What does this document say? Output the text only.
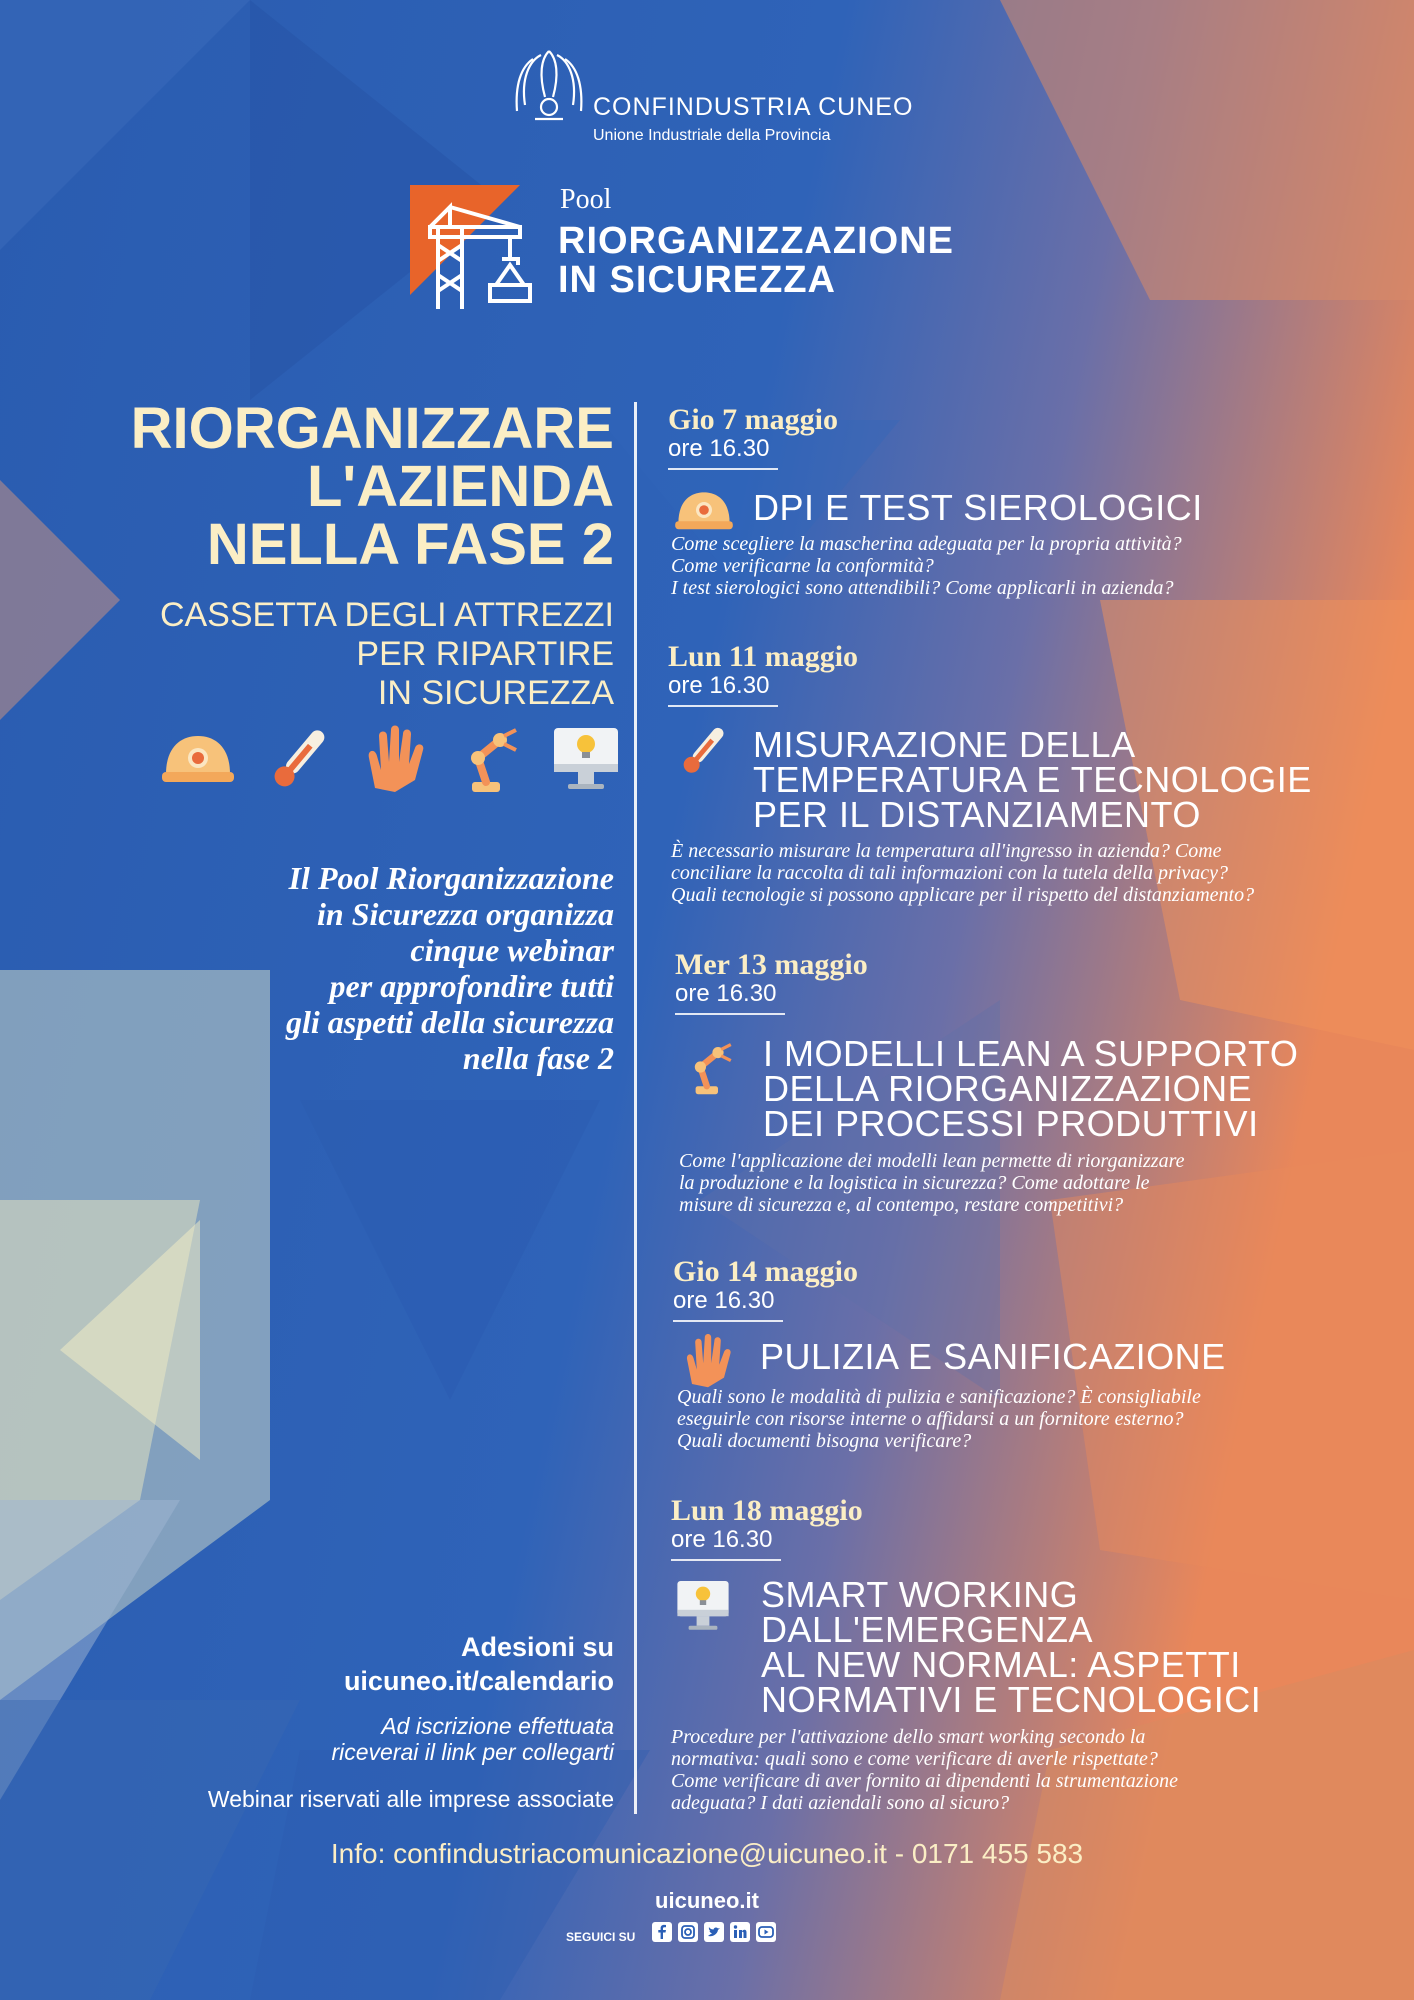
CONFINDUSTRIA CUNEO
Unione Industriale della Provincia
Pool
RIORGANIZZAZIONE
IN SICUREZZA
RIORGANIZZARE
L'AZIENDA
NELLA FASE 2
CASSETTA DEGLI ATTREZZI
PER RIPARTIRE
IN SICUREZZA
Il Pool Riorganizzazione
in Sicurezza organizza
cinque webinar
per approfondire tutti
gli aspetti della sicurezza
nella fase 2
Adesioni su
uicuneo.it/calendario
Ad iscrizione effettuata
riceverai il link per collegarti
Webinar riservati alle imprese associate
Gio 7 maggio
ore 16.30
DPI E TEST SIEROLOGICI
Come scegliere la mascherina adeguata per la propria attività?
Come verificarne la conformità?
I test sierologici sono attendibili? Come applicarli in azienda?
Lun 11 maggio
ore 16.30
MISURAZIONE DELLA
TEMPERATURA E TECNOLOGIE
PER IL DISTANZIAMENTO
È necessario misurare la temperatura all'ingresso in azienda? Come
conciliare la raccolta di tali informazioni con la tutela della privacy?
Quali tecnologie si possono applicare per il rispetto del distanziamento?
Mer 13 maggio
ore 16.30
I MODELLI LEAN A SUPPORTO
DELLA RIORGANIZZAZIONE
DEI PROCESSI PRODUTTIVI
Come l'applicazione dei modelli lean permette di riorganizzare
la produzione e la logistica in sicurezza? Come adottare le
misure di sicurezza e, al contempo, restare competitivi?
Gio 14 maggio
ore 16.30
PULIZIA E SANIFICAZIONE
Quali sono le modalità di pulizia e sanificazione? È consigliabile
eseguirle con risorse interne o affidarsi a un fornitore esterno?
Quali documenti bisogna verificare?
Lun 18 maggio
ore 16.30
SMART WORKING
DALL'EMERGENZA
AL NEW NORMAL: ASPETTI
NORMATIVI E TECNOLOGICI
Procedure per l'attivazione dello smart working secondo la
normativa: quali sono e come verificare di averle rispettate?
Come verificare di aver fornito ai dipendenti la strumentazione
adeguata? I dati aziendali sono al sicuro?
Info: confindustriacomunicazione@uicuneo.it - 0171 455 583
uicuneo.it
SEGUICI SU
